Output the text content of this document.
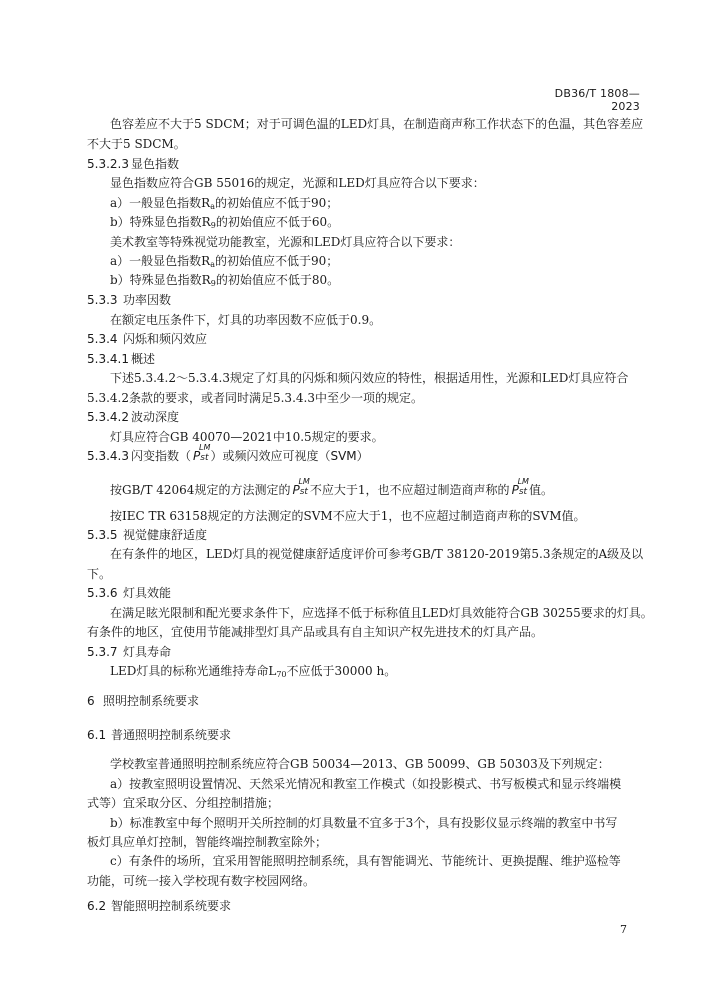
DB36/T 1808—2023
色容差应不大于5 SDCM；对于可调色温的LED灯具，在制造商声称工作状态下的色温，其色容差应
不大于5 SDCM。
5.3.2.3 显色指数
显色指数应符合GB 55016的规定，光源和LED灯具应符合以下要求：
a）一般显色指数$R_a$的初始值应不低于90；
b）特殊显色指数$R_9$的初始值应不低于60。
美术教室等特殊视觉功能教室，光源和LED灯具应符合以下要求：
a）一般显色指数$R_a$的初始值应不低于90；
b）特殊显色指数$R_9$的初始值应不低于80。
5.3.3 功率因数
在额定电压条件下，灯具的功率因数不应低于0.9。
5.3.4 闪烁和频闪效应
5.3.4.1 概述
下述5.3.4.2～5.3.4.3规定了灯具的闪烁和频闪效应的特性，根据适用性，光源和LED灯具应符合
5.3.4.2条款的要求，或者同时满足5.3.4.3中至少一项的规定。
5.3.4.2 波动深度
灯具应符合GB 40070—2021中10.5规定的要求。
5.3.4.3 闪变指数（ Pst
LM
）或频闪效应可视度（SVM）
按GB/T 42064规定的方法测定的 Pst
LM
不应大于1，也不应超过制造商声称的 Pst
LM
值。
按IEC TR 63158规定的方法测定的SVM不应大于1，也不应超过制造商声称的SVM值。
5.3.5 视觉健康舒适度
在有条件的地区，LED灯具的视觉健康舒适度评价可参考GB/T 38120-2019第5.3条规定的A级及以
下。
5.3.6 灯具效能
在满足眩光限制和配光要求条件下，应选择不低于标称值且LED灯具效能符合GB 30255要求的灯具。
有条件的地区，宜使用节能减排型灯具产品或具有自主知识产权先进技术的灯具产品。
5.3.7 灯具寿命
LED灯具的标称光通维持寿命$L_{70}$不应低于30000 h。
6 照明控制系统要求
6.1 普通照明控制系统要求
学校教室普通照明控制系统应符合GB 50034—2013、GB 50099、GB 50303及下列规定：
a）按教室照明设置情况、天然采光情况和教室工作模式（如投影模式、书写板模式和显示终端模
式等）宜采取分区、分组控制措施；
b）标准教室中每个照明开关所控制的灯具数量不宜多于3个，具有投影仪显示终端的教室中书写
板灯具应单灯控制，智能终端控制教室除外；
c）有条件的场所，宜采用智能照明控制系统，具有智能调光、节能统计、更换提醒、维护巡检等
功能，可统一接入学校现有数字校园网络。
6.2 智能照明控制系统要求
7
